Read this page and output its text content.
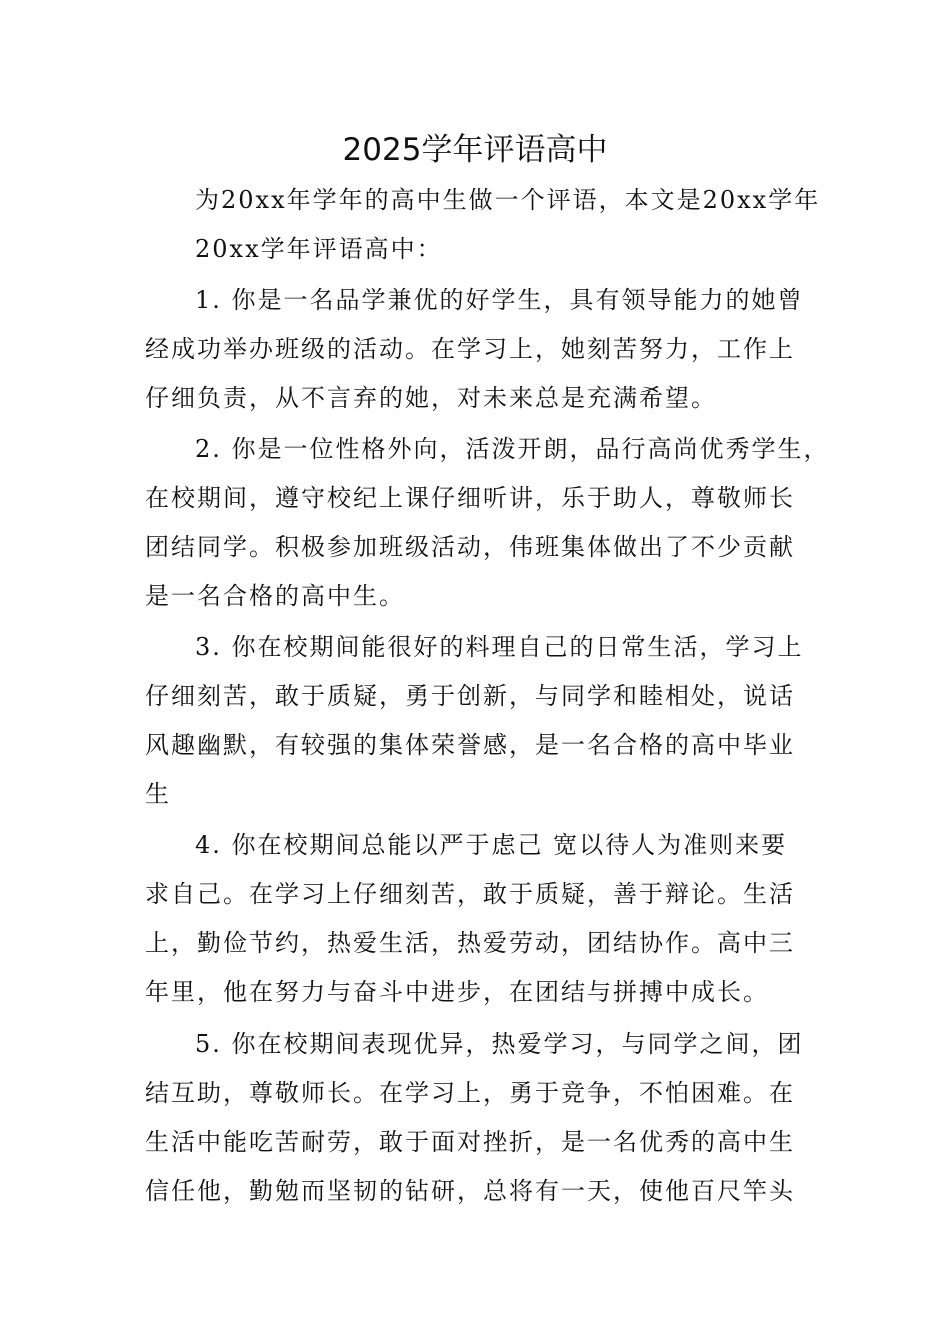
2025学年评语高中
为20xx年学年的高中生做一个评语，本文是20xx学年
20xx学年评语高中：
1. 你是一名品学兼优的好学生，具有领导能力的她曾
经成功举办班级的活动。在学习上，她刻苦努力，工作上
仔细负责，从不言弃的她，对未来总是充满希望。
2. 你是一位性格外向，活泼开朗，品行高尚优秀学生，
在校期间，遵守校纪上课仔细听讲，乐于助人，尊敬师长
团结同学。积极参加班级活动，伟班集体做出了不少贡献
是一名合格的高中生。
3. 你在校期间能很好的料理自己的日常生活，学习上
仔细刻苦，敢于质疑，勇于创新，与同学和睦相处，说话
风趣幽默，有较强的集体荣誉感，是一名合格的高中毕业
生
4. 你在校期间总能以严于虑己 宽以待人为准则来要
求自己。在学习上仔细刻苦，敢于质疑，善于辩论。生活
上，勤俭节约，热爱生活，热爱劳动，团结协作。高中三
年里，他在努力与奋斗中进步，在团结与拼搏中成长。
5. 你在校期间表现优异，热爱学习，与同学之间，团
结互助，尊敬师长。在学习上，勇于竞争，不怕困难。在
生活中能吃苦耐劳，敢于面对挫折，是一名优秀的高中生
信任他，勤勉而坚韧的钻研，总将有一天，使他百尺竿头
